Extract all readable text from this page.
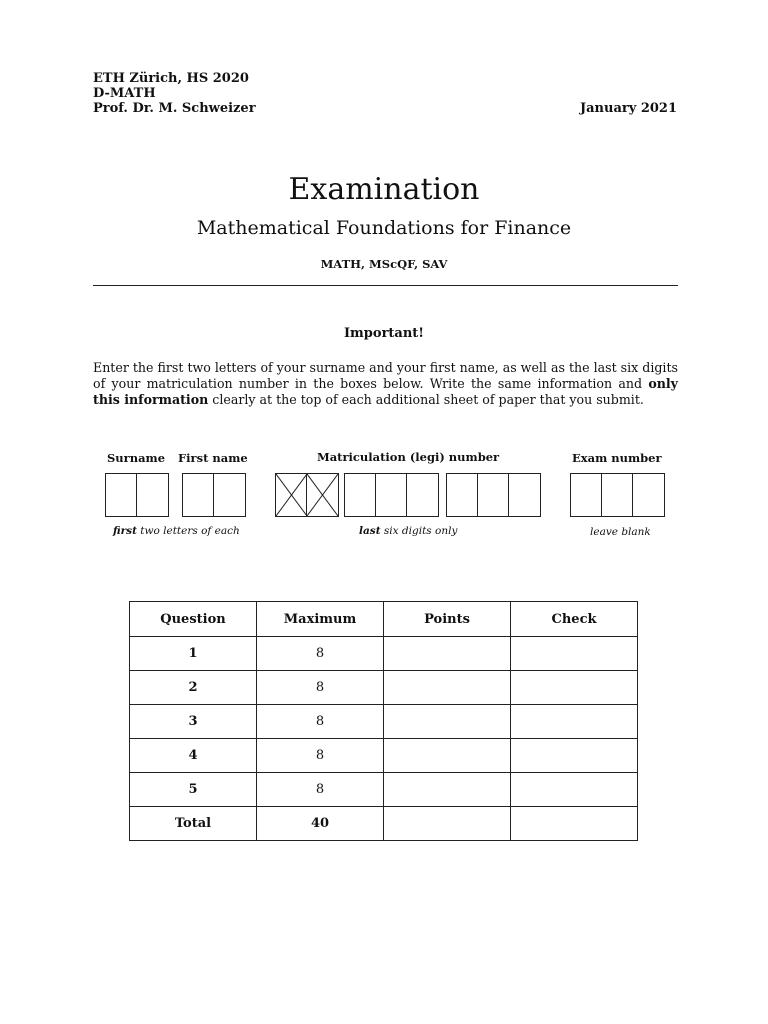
ETH Zürich, HS 2020
D-MATH
Prof. Dr. M. Schweizer	January 2021
Examination
Mathematical Foundations for Finance
MATH, MScQF, SAV
Important!
Enter the first two letters of your surname and your first name, as well as the last six digits of your matriculation number in the boxes below. Write the same information and only this information clearly at the top of each additional sheet of paper that you submit.
Surname First name	Matriculation (legi) number	Exam number
first two letters of each	last six digits only	leave blank
Question	Maximum	Points	Check
1	8		
2	8		
3	8		
4	8		
5	8		
Total	40		
